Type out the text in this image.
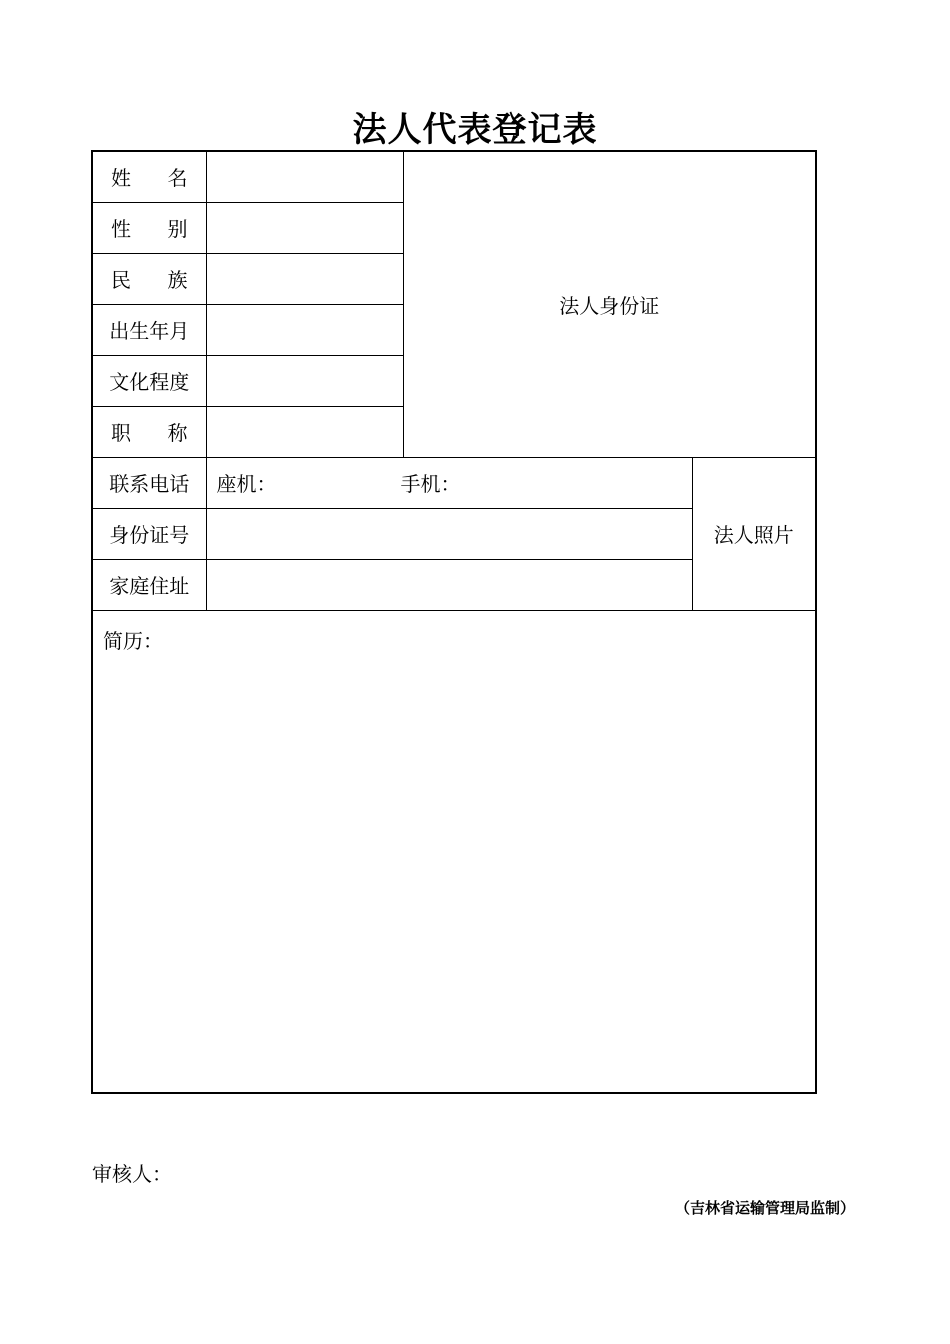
法人代表登记表
姓 名		法人身份证	

性 别			

民 族			

出生年月			
文化程度			

职 称			

联系电话	座机： 手机：		法人照片
身份证号			
家庭住址			
简历：			
审核人：
（吉林省运输管理局监制）
